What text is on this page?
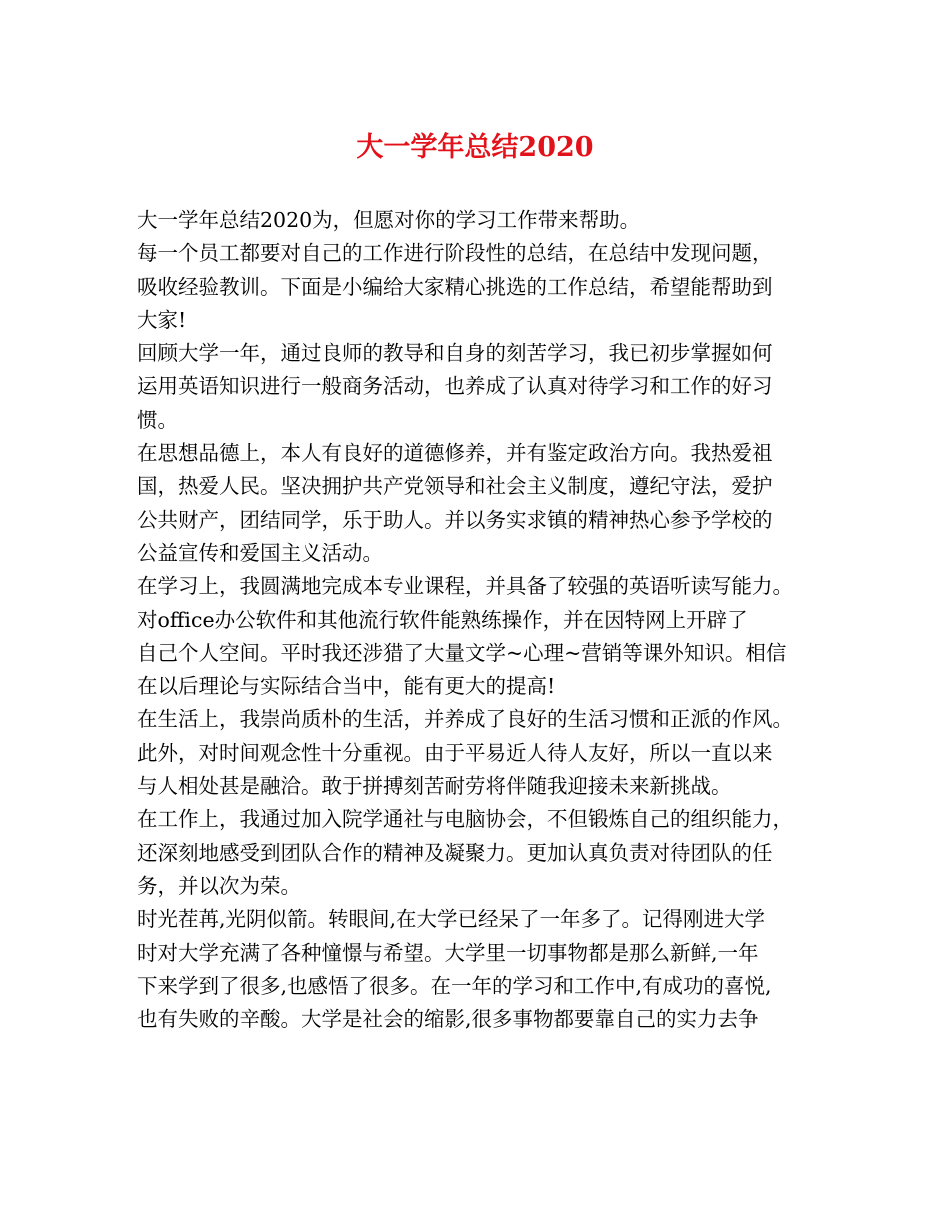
大一学年总结2020
大一学年总结2020为，但愿对你的学习工作带来帮助。
每一个员工都要对自己的工作进行阶段性的总结，在总结中发现问题，
吸收经验教训。下面是小编给大家精心挑选的工作总结，希望能帮助到
大家!
回顾大学一年，通过良师的教导和自身的刻苦学习，我已初步掌握如何
运用英语知识进行一般商务活动，也养成了认真对待学习和工作的好习
惯。
在思想品德上，本人有良好的道德修养，并有鉴定政治方向。我热爱祖
国，热爱人民。坚决拥护共产党领导和社会主义制度，遵纪守法，爱护
公共财产，团结同学，乐于助人。并以务实求镇的精神热心参予学校的
公益宣传和爱国主义活动。
在学习上，我圆满地完成本专业课程，并具备了较强的英语听读写能力。
对office办公软件和其他流行软件能熟练操作，并在因特网上开辟了
自己个人空间。平时我还涉猎了大量文学~心理~营销等课外知识。相信
在以后理论与实际结合当中，能有更大的提高!
在生活上，我崇尚质朴的生活，并养成了良好的生活习惯和正派的作风。
此外，对时间观念性十分重视。由于平易近人待人友好，所以一直以来
与人相处甚是融洽。敢于拼搏刻苦耐劳将伴随我迎接未来新挑战。
在工作上，我通过加入院学通社与电脑协会，不但锻炼自己的组织能力，
还深刻地感受到团队合作的精神及凝聚力。更加认真负责对待团队的任
务，并以次为荣。
时光茬苒,光阴似箭。转眼间,在大学已经呆了一年多了。记得刚进大学
时对大学充满了各种憧憬与希望。大学里一切事物都是那么新鲜,一年
下来学到了很多,也感悟了很多。在一年的学习和工作中,有成功的喜悦,
也有失败的辛酸。大学是社会的缩影,很多事物都要靠自己的实力去争
